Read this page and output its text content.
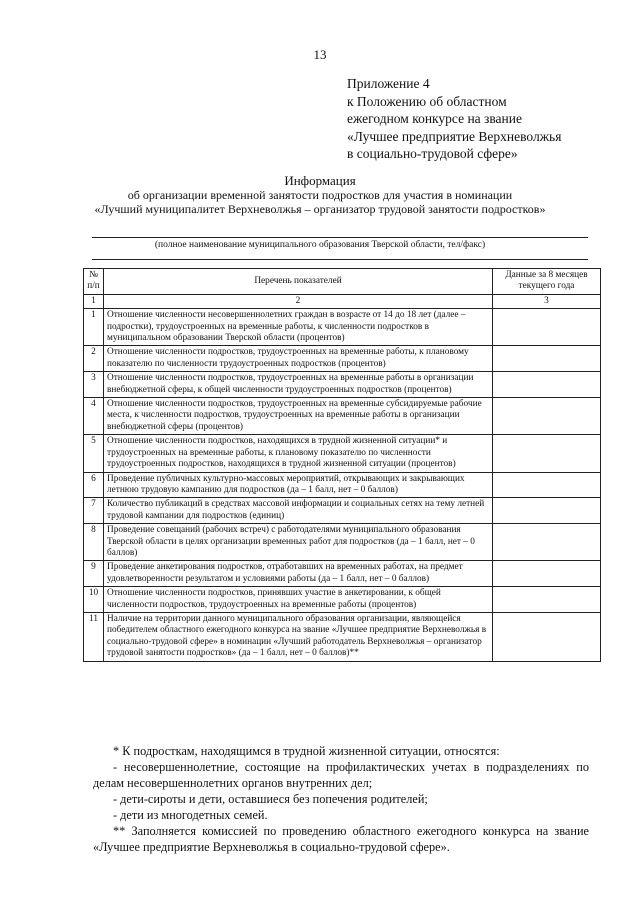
13
Приложение 4
к Положению об областном
ежегодном конкурсе на звание
«Лучшее предприятие Верхневолжья
в социально-трудовой сфере»
Информация
об организации временной занятости подростков для участия в номинации
«Лучший муниципалитет Верхневолжья – организатор трудовой занятости подростков»
(полное наименование муниципального образования Тверской области, тел/факс)
№ п/п	Перечень показателей	Данные за 8 месяцев текущего года
1	2	3
1	Отношение численности несовершеннолетних граждан в возрасте от 14 до 18 лет (далее – подростки), трудоустроенных на временные работы, к численности подростков в муниципальном образовании Тверской области (процентов)	
2	Отношение численности подростков, трудоустроенных на временные работы, к плановому показателю по численности трудоустроенных подростков (процентов)	
3	Отношение численности подростков, трудоустроенных на временные работы в организации внебюджетной сферы, к общей численности трудоустроенных подростков (процентов)	
4	Отношение численности подростков, трудоустроенных на временные субсидируемые рабочие места, к численности подростков, трудоустроенных на временные работы в организации внебюджетной сферы (процентов)	
5	Отношение численности подростков, находящихся в трудной жизненной ситуации* и трудоустроенных на временные работы, к плановому показателю по численности трудоустроенных подростков, находящихся в трудной жизненной ситуации (процентов)	
6	Проведение публичных культурно-массовых мероприятий, открывающих и закрывающих летнюю трудовую кампанию для подростков (да – 1 балл, нет – 0 баллов)	
7	Количество публикаций в средствах массовой информации и социальных сетях на тему летней трудовой кампании для подростков (единиц)	
8	Проведение совещаний (рабочих встреч) с работодателями муниципального образования Тверской области в целях организации временных работ для подростков (да – 1 балл, нет – 0 баллов)	
9	Проведение анкетирования подростков, отработавших на временных работах, на предмет удовлетворенности результатом и условиями работы (да – 1 балл, нет – 0 баллов)	
10	Отношение численности подростков, принявших участие в анкетировании, к общей численности подростков, трудоустроенных на временные работы (процентов)	
11	Наличие на территории данного муниципального образования организации, являющейся победителем областного ежегодного конкурса на звание «Лучшее предприятие Верхневолжья в социально-трудовой сфере» в номинации «Лучший работодатель Верхневолжья – организатор трудовой занятости подростков» (да – 1 балл, нет – 0 баллов)**	

* К подросткам, находящимся в трудной жизненной ситуации, относятся:

- несовершеннолетние, состоящие на профилактических учетах в подразделениях по делам несовершеннолетних органов внутренних дел;

- дети-сироты и дети, оставшиеся без попечения родителей;

- дети из многодетных семей.

** Заполняется комиссией по проведению областного ежегодного конкурса на звание «Лучшее предприятие Верхневолжья в социально-трудовой сфере».
